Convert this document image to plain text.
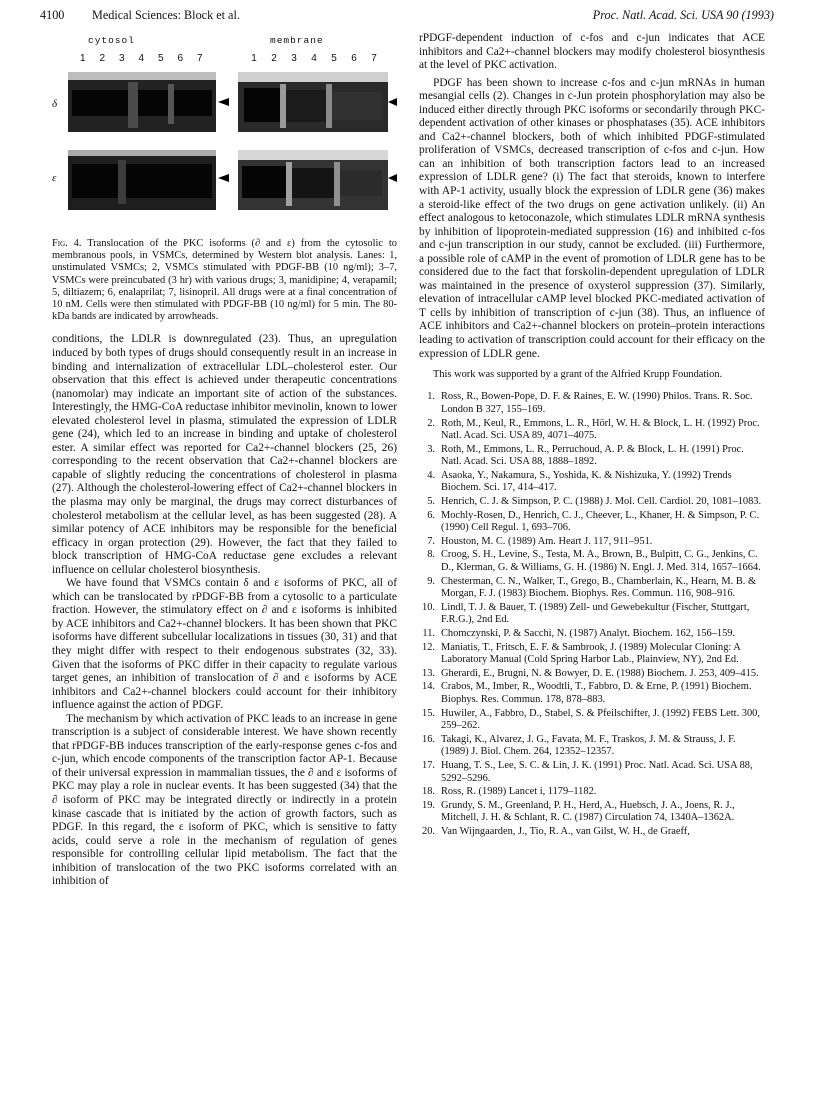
4100 Medical Sciences: Block et al.	Proc. Natl. Acad. Sci. USA 90 (1993)
cytosol	membrane
1 2 3 4 5 6 7	1 2 3 4 5 6 7
δ
ε
Fig. 4. Translocation of the PKC isoforms (∂ and ε) from the cytosolic to membranous pools, in VSMCs, determined by Western blot analysis. Lanes: 1, unstimulated VSMCs; 2, VSMCs stimulated with PDGF-BB (10 ng/ml); 3–7, VSMCs were preincubated (3 hr) with various drugs; 3, manidipine; 4, verapamil; 5, diltiazem; 6, enalaprilat; 7, lisinopril. All drugs were at a final concentration of 10 nM. Cells were then stimulated with PDGF-BB (10 ng/ml) for 5 min. The 80-kDa bands are indicated by arrowheads.

conditions, the LDLR is downregulated (23). Thus, an upregulation induced by both types of drugs should consequently result in an increase in binding and internalization of extracellular LDL–cholesterol ester. Our observation that this effect is achieved under therapeutic concentrations (nanomolar) may indicate an important site of action of the substances. Interestingly, the HMG-CoA reductase inhibitor mevinolin, known to lower elevated cholesterol level in plasma, stimulated the expression of LDLR gene (24), which led to an increase in binding and uptake of cholesterol ester. A similar effect was reported for Ca2+-channel blockers (25, 26) corresponding to the recent observation that Ca2+-channel blockers are capable of slightly reducing the concentrations of cholesterol in plasma (27). Although the cholesterol-lowering effect of Ca2+-channel blockers in the plasma may only be marginal, the drugs may correct disturbances of cholesterol metabolism at the cellular level, as has been suggested (28). A similar potency of ACE inhibitors may be responsible for the beneficial efficacy in organ protection (29). However, the fact that they failed to block transcription of HMG-CoA reductase gene excludes a relevant influence on cellular cholesterol biosynthesis.

We have found that VSMCs contain δ and ε isoforms of PKC, all of which can be translocated by rPDGF-BB from a cytosolic to a particulate fraction. However, the stimulatory effect on ∂ and ε isoforms is inhibited by ACE inhibitors and Ca2+-channel blockers. It has been shown that PKC isoforms have different subcellular localizations in tissues (30, 31) and that they might differ with respect to their endogenous substrates (32, 33). Given that the isoforms of PKC differ in their capacity to regulate various target genes, an inhibition of translocation of ∂ and ε isoforms by ACE inhibitors and Ca2+-channel blockers could account for their inhibitory influence against the action of PDGF.

The mechanism by which activation of PKC leads to an increase in gene transcription is a subject of considerable interest. We have shown recently that rPDGF-BB induces transcription of the early-response genes c-fos and c-jun, which encode components of the transcription factor AP-1. Because of their universal expression in mammalian tissues, the ∂ and ε isoforms of PKC may play a role in nuclear events. It has been suggested (34) that the ∂ isoform of PKC may be integrated directly or indirectly in a protein kinase cascade that is initiated by the action of growth factors, such as PDGF. In this regard, the ε isoform of PKC, which is sensitive to fatty acids, could serve a role in the mechanism of regulation of genes responsible for controlling cellular lipid metabolism. The fact that the inhibition of translocation of the two PKC isoforms correlated with an inhibition of

rPDGF-dependent induction of c-fos and c-jun indicates that ACE inhibitors and Ca2+-channel blockers may modify cholesterol biosynthesis at the level of PKC activation.

PDGF has been shown to increase c-fos and c-jun mRNAs in human mesangial cells (2). Changes in c-Jun protein phosphorylation may also be induced either directly through PKC isoforms or secondarily through PKC-dependent activation of other kinases or phosphatases (35). ACE inhibitors and Ca2+-channel blockers, both of which inhibited PDGF-stimulated proliferation of VSMCs, decreased transcription of c-fos and c-jun. How can an inhibition of both transcription factors lead to an increased expression of LDLR gene? (i) The fact that steroids, known to interfere with AP-1 activity, usually block the expression of LDLR gene (36) makes a steroid-like effect of the two drugs on gene activation unlikely. (ii) An effect analogous to ketoconazole, which stimulates LDLR mRNA synthesis by inhibition of lipoprotein-mediated suppression (16) and inhibited c-fos and c-jun transcription in our study, cannot be excluded. (iii) Furthermore, a possible role of cAMP in the event of promotion of LDLR gene has to be considered due to the fact that forskolin-dependent upregulation of LDLR was maintained in the presence of oxysterol suppression (37). Similarly, elevation of intracellular cAMP level blocked PKC-mediated activation of T cells by inhibition of transcription of c-jun (38). Thus, an influence of ACE inhibitors and Ca2+-channel blockers on protein–protein interactions leading to activation of transcription could account for their efficacy on the expression of LDLR gene.

This work was supported by a grant of the Alfried Krupp Foundation.

1. Ross, R., Bowen-Pope, D. F. & Raines, E. W. (1990) Philos. Trans. R. Soc. London B 327, 155–169.
2. Roth, M., Keul, R., Emmons, L. R., Hörl, W. H. & Block, L. H. (1992) Proc. Natl. Acad. Sci. USA 89, 4071–4075.
3. Roth, M., Emmons, L. R., Perruchoud, A. P. & Block, L. H. (1991) Proc. Natl. Acad. Sci. USA 88, 1888–1892.
4. Asaoka, Y., Nakamura, S., Yoshida, K. & Nishizuka, Y. (1992) Trends Biochem. Sci. 17, 414–417.
5. Henrich, C. J. & Simpson, P. C. (1988) J. Mol. Cell. Cardiol. 20, 1081–1083.
6. Mochly-Rosen, D., Henrich, C. J., Cheever, L., Khaner, H. & Simpson, P. C. (1990) Cell Regul. 1, 693–706.
7. Houston, M. C. (1989) Am. Heart J. 117, 911–951.
8. Croog, S. H., Levine, S., Testa, M. A., Brown, B., Bulpitt, C. G., Jenkins, C. D., Klerman, G. & Williams, G. H. (1986) N. Engl. J. Med. 314, 1657–1664.
9. Chesterman, C. N., Walker, T., Grego, B., Chamberlain, K., Hearn, M. B. & Morgan, F. J. (1983) Biochem. Biophys. Res. Commun. 116, 908–916.
10. Lindl, T. J. & Bauer, T. (1989) Zell- und Gewebekultur (Fischer, Stuttgart, F.R.G.), 2nd Ed.
11. Chomczynski, P. & Sacchi, N. (1987) Analyt. Biochem. 162, 156–159.
12. Maniatis, T., Fritsch, E. F. & Sambrook, J. (1989) Molecular Cloning: A Laboratory Manual (Cold Spring Harbor Lab., Plainview, NY), 2nd Ed.
13. Gherardi, E., Brugni, N. & Bowyer, D. E. (1988) Biochem. J. 253, 409–415.
14. Crabos, M., Imber, R., Woodtli, T., Fabbro, D. & Erne, P. (1991) Biochem. Biophys. Res. Commun. 178, 878–883.
15. Huwiler, A., Fabbro, D., Stabel, S. & Pfeilschifter, J. (1992) FEBS Lett. 300, 259–262.
16. Takagi, K., Alvarez, J. G., Favata, M. F., Traskos, J. M. & Strauss, J. F. (1989) J. Biol. Chem. 264, 12352–12357.
17. Huang, T. S., Lee, S. C. & Lin, J. K. (1991) Proc. Natl. Acad. Sci. USA 88, 5292–5296.
18. Ross, R. (1989) Lancet i, 1179–1182.
19. Grundy, S. M., Greenland, P. H., Herd, A., Huebsch, J. A., Joens, R. J., Mitchell, J. H. & Schlant, R. C. (1987) Circulation 74, 1340A–1362A.
20. Van Wijngaarden, J., Tio, R. A., van Gilst, W. H., de Graeff,
